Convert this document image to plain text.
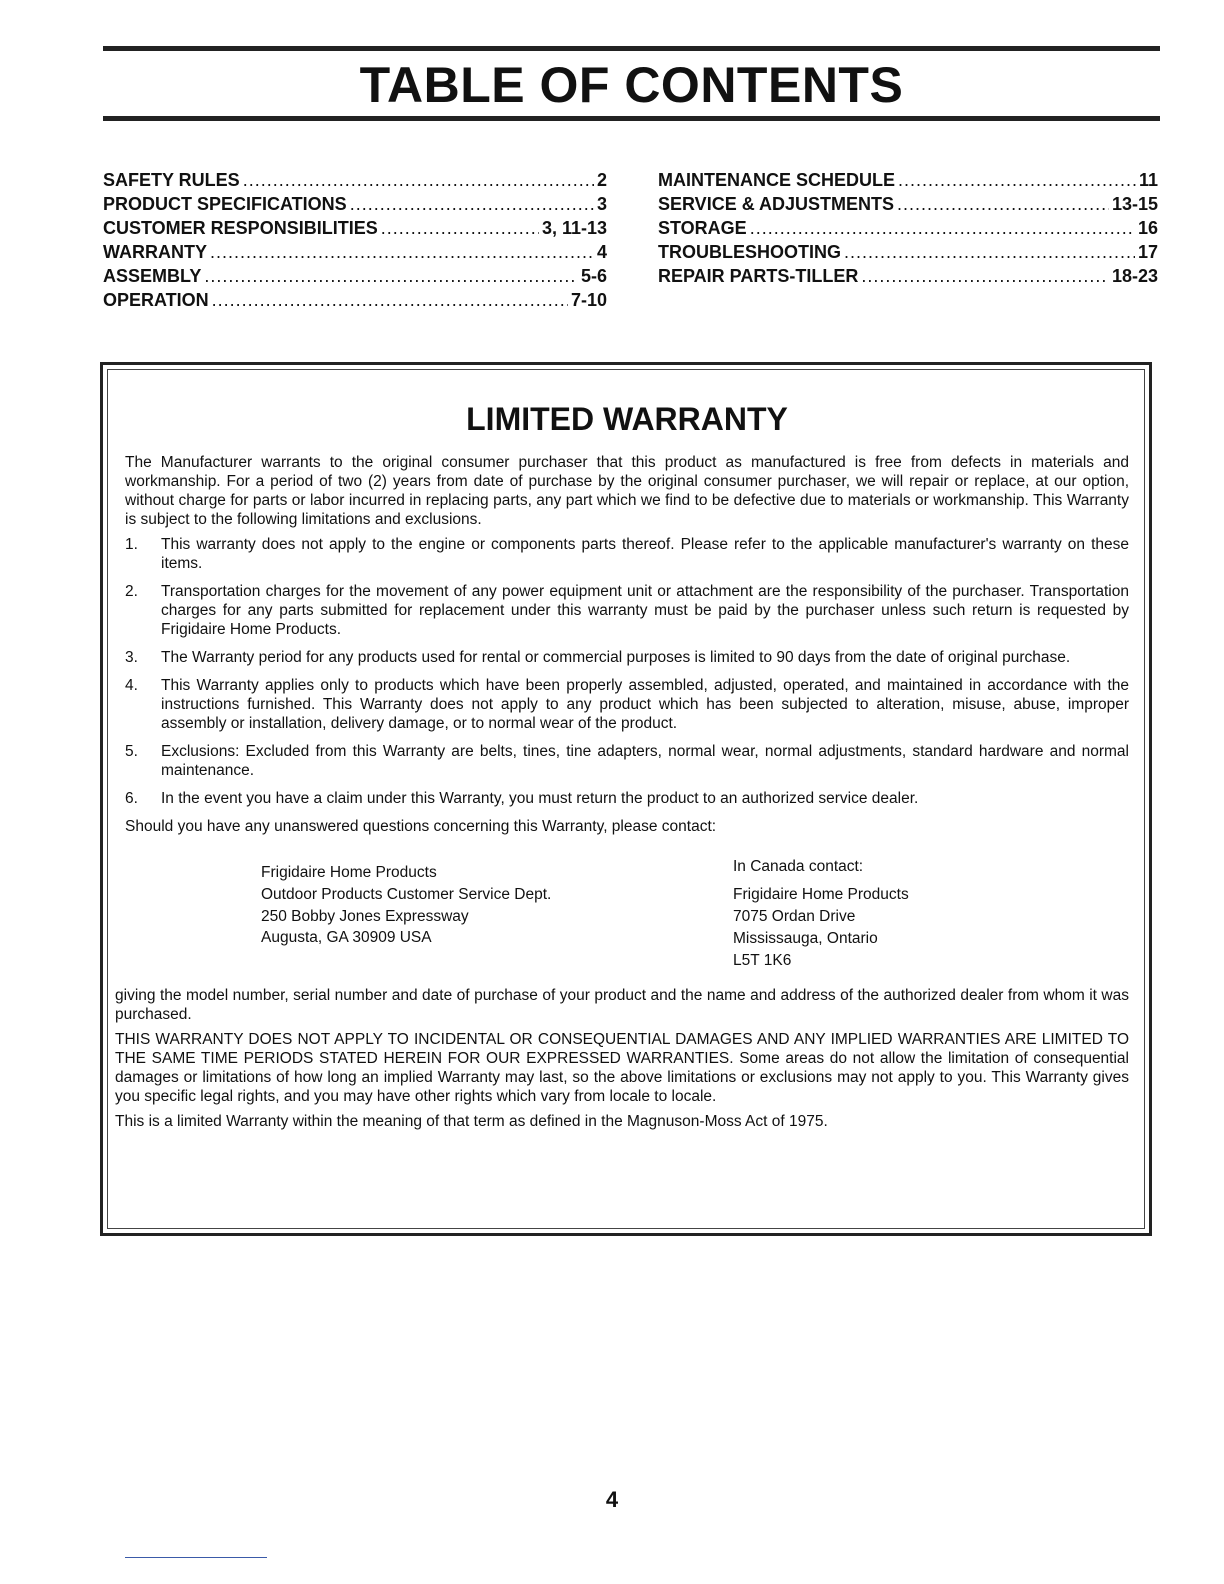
TABLE OF CONTENTS
SAFETY RULES .....	2
PRODUCT SPECIFICATIONS .....	3
CUSTOMER RESPONSIBILITIES .....	3, 11-13
WARRANTY .....	4
ASSEMBLY .....	5-6
OPERATION .....	7-10
MAINTENANCE SCHEDULE .....	11
SERVICE & ADJUSTMENTS .....	13-15
STORAGE .....	16
TROUBLESHOOTING .....	17
REPAIR PARTS-TILLER .....	18-23
LIMITED WARRANTY

The Manufacturer warrants to the original consumer purchaser that this product as manufactured is free from defects in materials and workmanship. For a period of two (2) years from date of purchase by the original consumer purchaser, we will repair or replace, at our option, without charge for parts or labor incurred in replacing parts, any part which we find to be defective due to materials or workmanship. This Warranty is subject to the following limitations and exclusions.

1.	This warranty does not apply to the engine or components parts thereof. Please refer to the applicable manufacturer's warranty on these items.
2.	Transportation charges for the movement of any power equipment unit or attachment are the responsibility of the purchaser. Transportation charges for any parts submitted for replacement under this warranty must be paid by the purchaser unless such return is requested by Frigidaire Home Products.
3.	The Warranty period for any products used for rental or commercial purposes is limited to 90 days from the date of original purchase.
4.	This Warranty applies only to products which have been properly assembled, adjusted, operated, and maintained in accordance with the instructions furnished. This Warranty does not apply to any product which has been subjected to alteration, misuse, abuse, improper assembly or installation, delivery damage, or to normal wear of the product.
5.	Exclusions: Excluded from this Warranty are belts, tines, tine adapters, normal wear, normal adjustments, standard hardware and normal maintenance.
6.	In the event you have a claim under this Warranty, you must return the product to an authorized service dealer.

Should you have any unanswered questions concerning this Warranty, please contact:

Frigidaire Home Products
Outdoor Products Customer Service Dept.
250 Bobby Jones Expressway
Augusta, GA 30909 USA
In Canada contact:
Frigidaire Home Products
7075 Ordan Drive
Mississauga, Ontario
L5T 1K6

giving the model number, serial number and date of purchase of your product and the name and address of the authorized dealer from whom it was purchased.

THIS WARRANTY DOES NOT APPLY TO INCIDENTAL OR CONSEQUENTIAL DAMAGES AND ANY IMPLIED WARRANTIES ARE LIMITED TO THE SAME TIME PERIODS STATED HEREIN FOR OUR EXPRESSED WARRANTIES. Some areas do not allow the limitation of consequential damages or limitations of how long an implied Warranty may last, so the above limitations or exclusions may not apply to you. This Warranty gives you specific legal rights, and you may have other rights which vary from locale to locale.

This is a limited Warranty within the meaning of that term as defined in the Magnuson-Moss Act of 1975.

4
